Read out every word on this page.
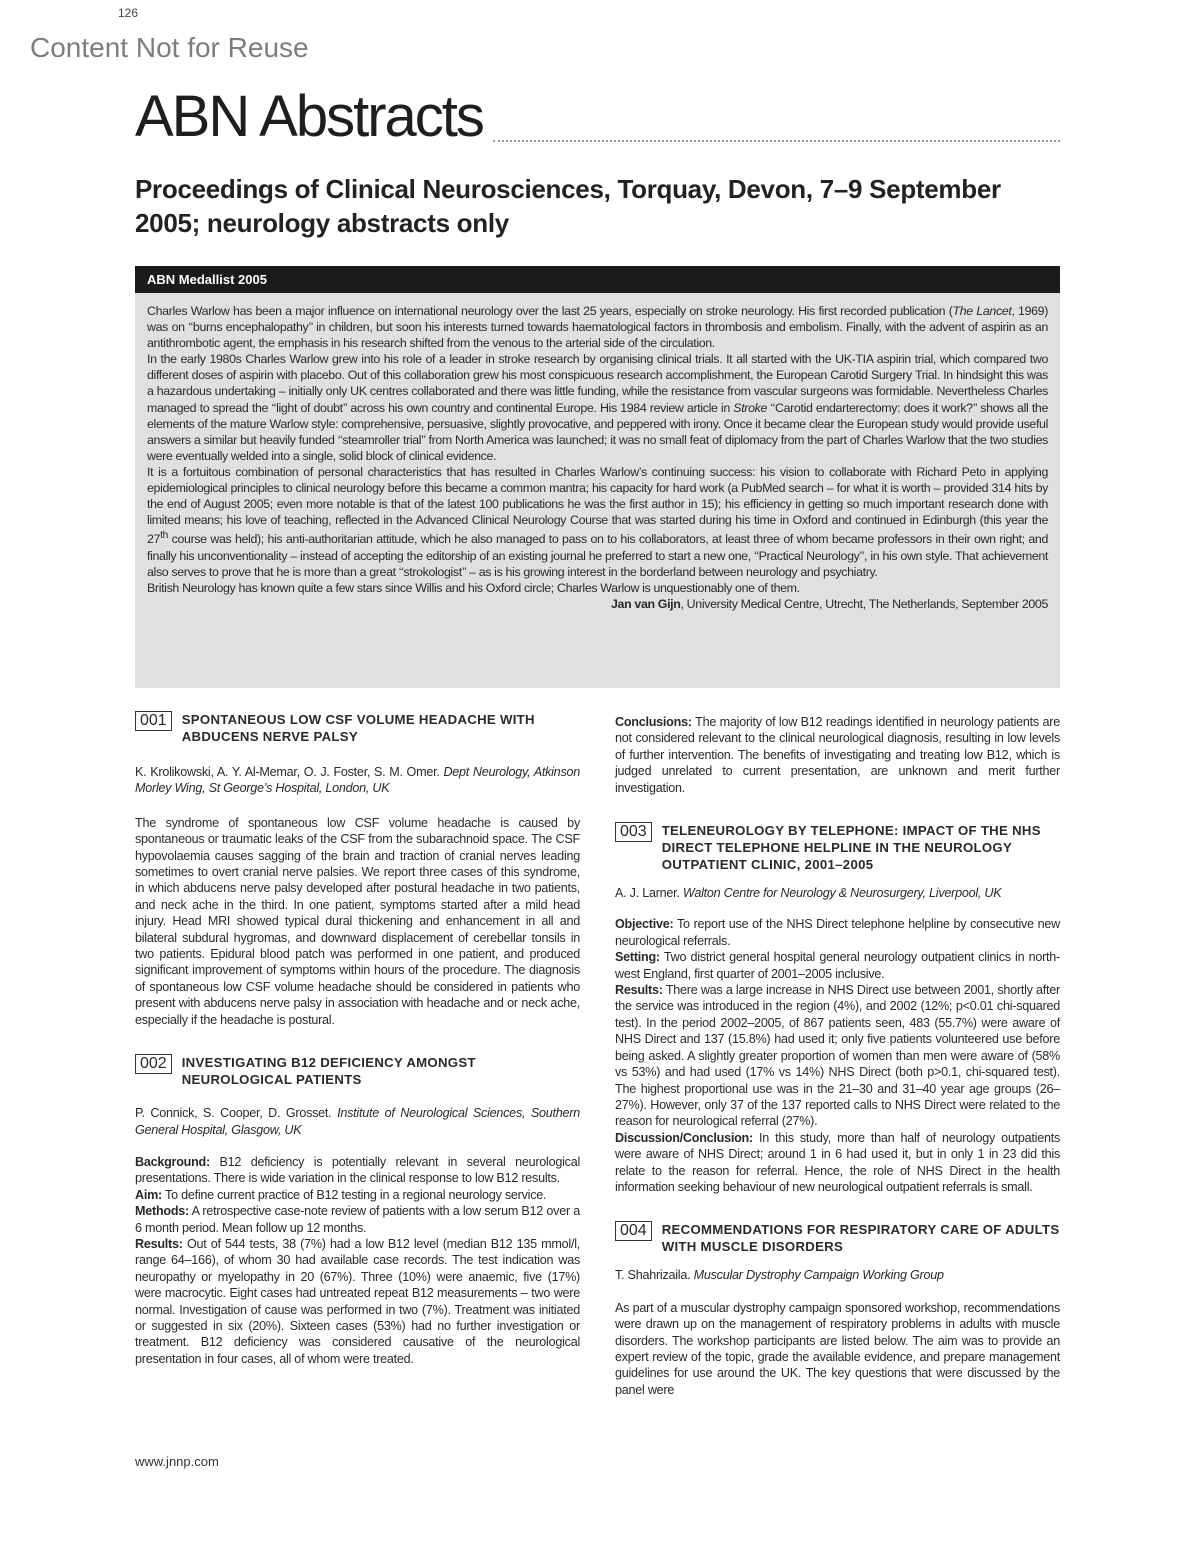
126
Content Not for Reuse
ABN Abstracts
Proceedings of Clinical Neurosciences, Torquay, Devon, 7–9 September 2005; neurology abstracts only
ABN Medallist 2005

Charles Warlow has been a major influence on international neurology over the last 25 years, especially on stroke neurology. His first recorded publication (The Lancet, 1969) was on ‘‘burns encephalopathy’’ in children, but soon his interests turned towards haematological factors in thrombosis and embolism. Finally, with the advent of aspirin as an antithrombotic agent, the emphasis in his research shifted from the venous to the arterial side of the circulation.

In the early 1980s Charles Warlow grew into his role of a leader in stroke research by organising clinical trials. It all started with the UK-TIA aspirin trial, which compared two different doses of aspirin with placebo. Out of this collaboration grew his most conspicuous research accomplishment, the European Carotid Surgery Trial. In hindsight this was a hazardous undertaking – initially only UK centres collaborated and there was little funding, while the resistance from vascular surgeons was formidable. Nevertheless Charles managed to spread the ‘‘light of doubt’’ across his own country and continental Europe. His 1984 review article in Stroke ‘‘Carotid endarterectomy: does it work?’’ shows all the elements of the mature Warlow style: comprehensive, persuasive, slightly provocative, and peppered with irony. Once it became clear the European study would provide useful answers a similar but heavily funded ‘‘steamroller trial’’ from North America was launched; it was no small feat of diplomacy from the part of Charles Warlow that the two studies were eventually welded into a single, solid block of clinical evidence.

It is a fortuitous combination of personal characteristics that has resulted in Charles Warlow’s continuing success: his vision to collaborate with Richard Peto in applying epidemiological principles to clinical neurology before this became a common mantra; his capacity for hard work (a PubMed search – for what it is worth – provided 314 hits by the end of August 2005; even more notable is that of the latest 100 publications he was the first author in 15); his efficiency in getting so much important research done with limited means; his love of teaching, reflected in the Advanced Clinical Neurology Course that was started during his time in Oxford and continued in Edinburgh (this year the 27th course was held); his anti-authoritarian attitude, which he also managed to pass on to his collaborators, at least three of whom became professors in their own right; and finally his unconventionality – instead of accepting the editorship of an existing journal he preferred to start a new one, ‘‘Practical Neurology’’, in his own style. That achievement also serves to prove that he is more than a great ‘‘strokologist’’ – as is his growing interest in the borderland between neurology and psychiatry.

British Neurology has known quite a few stars since Willis and his Oxford circle; Charles Warlow is unquestionably one of them.

Jan van Gijn, University Medical Centre, Utrecht, The Netherlands, September 2005

001	SPONTANEOUS LOW CSF VOLUME HEADACHE WITH ABDUCENS NERVE PALSY

K. Krolikowski, A. Y. Al-Memar, O. J. Foster, S. M. Omer. Dept Neurology, Atkinson Morley Wing, St George’s Hospital, London, UK

The syndrome of spontaneous low CSF volume headache is caused by spontaneous or traumatic leaks of the CSF from the subarachnoid space. The CSF hypovolaemia causes sagging of the brain and traction of cranial nerves leading sometimes to overt cranial nerve palsies. We report three cases of this syndrome, in which abducens nerve palsy developed after postural headache in two patients, and neck ache in the third. In one patient, symptoms started after a mild head injury. Head MRI showed typical dural thickening and enhancement in all and bilateral subdural hygromas, and downward displacement of cerebellar tonsils in two patients. Epidural blood patch was performed in one patient, and produced significant improvement of symptoms within hours of the procedure. The diagnosis of spontaneous low CSF volume headache should be considered in patients who present with abducens nerve palsy in association with headache and or neck ache, especially if the headache is postural.

002	INVESTIGATING B12 DEFICIENCY AMONGST NEUROLOGICAL PATIENTS

P. Connick, S. Cooper, D. Grosset. Institute of Neurological Sciences, Southern General Hospital, Glasgow, UK

Background: B12 deficiency is potentially relevant in several neurological presentations. There is wide variation in the clinical response to low B12 results.

Aim: To define current practice of B12 testing in a regional neurology service.

Methods: A retrospective case-note review of patients with a low serum B12 over a 6 month period. Mean follow up 12 months.

Results: Out of 544 tests, 38 (7%) had a low B12 level (median B12 135 mmol/l, range 64–166), of whom 30 had available case records. The test indication was neuropathy or myelopathy in 20 (67%). Three (10%) were anaemic, five (17%) were macrocytic. Eight cases had untreated repeat B12 measurements – two were normal. Investigation of cause was performed in two (7%). Treatment was initiated or suggested in six (20%). Sixteen cases (53%) had no further investigation or treatment. B12 deficiency was considered causative of the neurological presentation in four cases, all of whom were treated.

Conclusions: The majority of low B12 readings identified in neurology patients are not considered relevant to the clinical neurological diagnosis, resulting in low levels of further intervention. The benefits of investigating and treating low B12, which is judged unrelated to current presentation, are unknown and merit further investigation.

003	TELENEUROLOGY BY TELEPHONE: IMPACT OF THE NHS DIRECT TELEPHONE HELPLINE IN THE NEUROLOGY OUTPATIENT CLINIC, 2001–2005

A. J. Larner. Walton Centre for Neurology & Neurosurgery, Liverpool, UK

Objective: To report use of the NHS Direct telephone helpline by consecutive new neurological referrals.

Setting: Two district general hospital general neurology outpatient clinics in north-west England, first quarter of 2001–2005 inclusive.

Results: There was a large increase in NHS Direct use between 2001, shortly after the service was introduced in the region (4%), and 2002 (12%; p<0.01 chi-squared test). In the period 2002–2005, of 867 patients seen, 483 (55.7%) were aware of NHS Direct and 137 (15.8%) had used it; only five patients volunteered use before being asked. A slightly greater proportion of women than men were aware of (58% vs 53%) and had used (17% vs 14%) NHS Direct (both p>0.1, chi-squared test). The highest proportional use was in the 21–30 and 31–40 year age groups (26–27%). However, only 37 of the 137 reported calls to NHS Direct were related to the reason for neurological referral (27%).

Discussion/Conclusion: In this study, more than half of neurology outpatients were aware of NHS Direct; around 1 in 6 had used it, but in only 1 in 23 did this relate to the reason for referral. Hence, the role of NHS Direct in the health information seeking behaviour of new neurological outpatient referrals is small.

004	RECOMMENDATIONS FOR RESPIRATORY CARE OF ADULTS WITH MUSCLE DISORDERS

T. Shahrizaila. Muscular Dystrophy Campaign Working Group

As part of a muscular dystrophy campaign sponsored workshop, recommendations were drawn up on the management of respiratory problems in adults with muscle disorders. The workshop participants are listed below. The aim was to provide an expert review of the topic, grade the available evidence, and prepare management guidelines for use around the UK. The key questions that were discussed by the panel were

www.jnnp.com
